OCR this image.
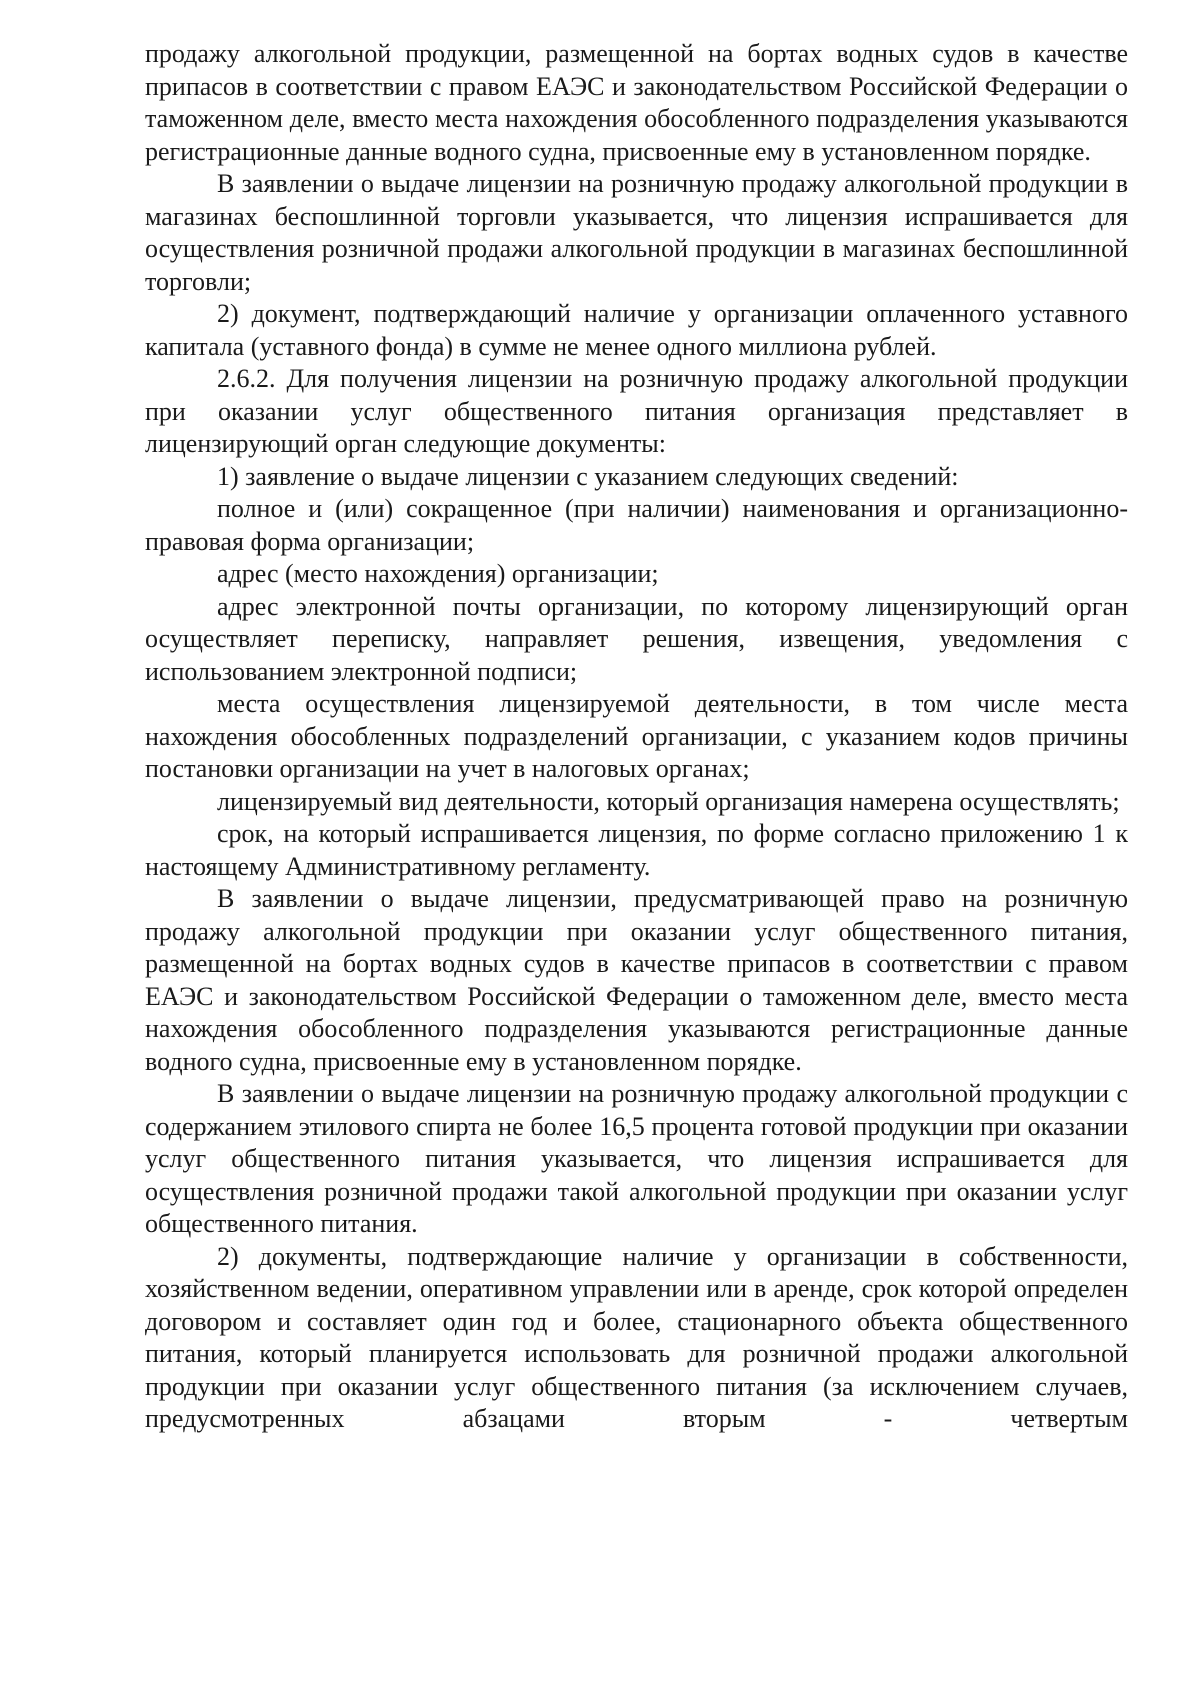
продажу алкогольной продукции, размещенной на бортах водных судов в качестве припасов в соответствии с правом ЕАЭС и законодательством Российской Федерации о таможенном деле, вместо места нахождения обособленного подразделения указываются регистрационные данные водного судна, присвоенные ему в установленном порядке.

В заявлении о выдаче лицензии на розничную продажу алкогольной продукции в магазинах беспошлинной торговли указывается, что лицензия испрашивается для осуществления розничной продажи алкогольной продукции в магазинах беспошлинной торговли;

2) документ, подтверждающий наличие у организации оплаченного уставного капитала (уставного фонда) в сумме не менее одного миллиона рублей.

2.6.2. Для получения лицензии на розничную продажу алкогольной продукции при оказании услуг общественного питания организация представляет в лицензирующий орган следующие документы:

1) заявление о выдаче лицензии с указанием следующих сведений:

полное и (или) сокращенное (при наличии) наименования и организационно-правовая форма организации;

адрес (место нахождения) организации;

адрес электронной почты организации, по которому лицензирующий орган осуществляет переписку, направляет решения, извещения, уведомления с использованием электронной подписи;

места осуществления лицензируемой деятельности, в том числе места нахождения обособленных подразделений организации, с указанием кодов причины постановки организации на учет в налоговых органах;

лицензируемый вид деятельности, который организация намерена осуществлять;

срок, на который испрашивается лицензия, по форме согласно приложению 1 к настоящему Административному регламенту.

В заявлении о выдаче лицензии, предусматривающей право на розничную продажу алкогольной продукции при оказании услуг общественного питания, размещенной на бортах водных судов в качестве припасов в соответствии с правом ЕАЭС и законодательством Российской Федерации о таможенном деле, вместо места нахождения обособленного подразделения указываются регистрационные данные водного судна, присвоенные ему в установленном порядке.

В заявлении о выдаче лицензии на розничную продажу алкогольной продукции с содержанием этилового спирта не более 16,5 процента готовой продукции при оказании услуг общественного питания указывается, что лицензия испрашивается для осуществления розничной продажи такой алкогольной продукции при оказании услуг общественного питания.

2) документы, подтверждающие наличие у организации в собственности, хозяйственном ведении, оперативном управлении или в аренде, срок которой определен договором и составляет один год и более, стационарного объекта общественного питания, который планируется использовать для розничной продажи алкогольной продукции при оказании услуг общественного питания (за исключением случаев, предусмотренных абзацами вторым - четвертым
